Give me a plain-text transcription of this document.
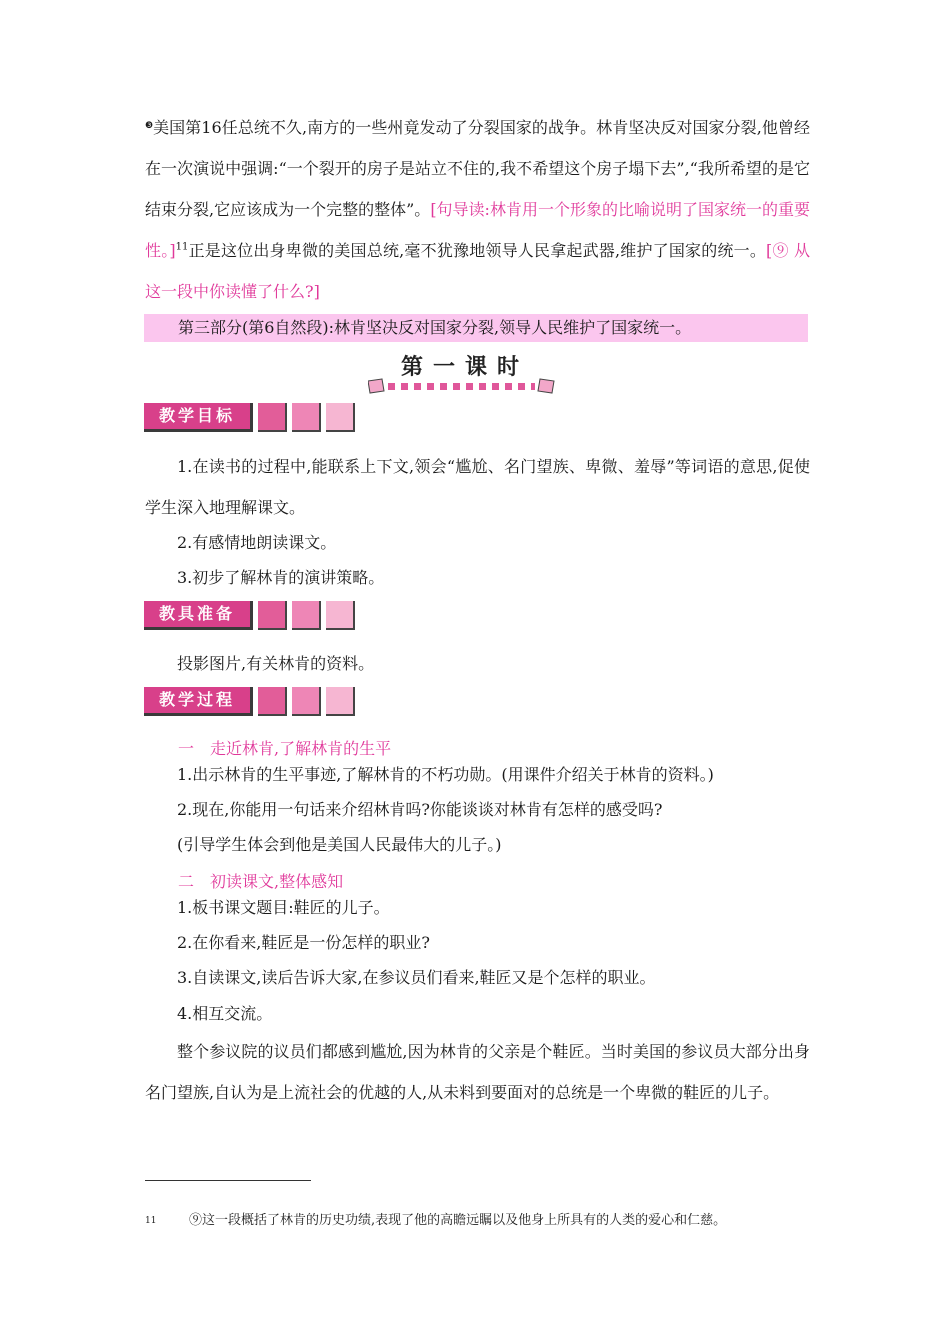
$^❸$美国第16任总统不久,南方的一些州竟发动了分裂国家的战争。林肯坚决反对国家分裂,他曾经在一次演说中强调:“一个裂开的房子是站立不住的,我不希望这个房子塌下去”,“我所希望的是它结束分裂,它应该成为一个完整的整体”。[句导读:林肯用一个形象的比喻说明了国家统一的重要性。]$^{11}$正是这位出身卑微的美国总统,毫不犹豫地领导人民拿起武器,维护了国家的统一。[⑨ 从这一段中你读懂了什么?]

第三部分(第6自然段):林肯坚决反对国家分裂,领导人民维护了国家统一。
第一课时
教学目标

1.在读书的过程中,能联系上下文,领会“尴尬、名门望族、卑微、羞辱”等词语的意思,促使学生深入地理解课文。

2.有感情地朗读课文。

3.初步了解林肯的演讲策略。

教具准备

投影图片,有关林肯的资料。

教学过程
一　走近林肯,了解林肯的生平

1.出示林肯的生平事迹,了解林肯的不朽功勋。(用课件介绍关于林肯的资料。)

2.现在,你能用一句话来介绍林肯吗?你能谈谈对林肯有怎样的感受吗?

(引导学生体会到他是美国人民最伟大的儿子。)

二　初读课文,整体感知

1.板书课文题目:鞋匠的儿子。

2.在你看来,鞋匠是一份怎样的职业?

3.自读课文,读后告诉大家,在参议员们看来,鞋匠又是个怎样的职业。

4.相互交流。

整个参议院的议员们都感到尴尬,因为林肯的父亲是个鞋匠。当时美国的参议员大部分出身名门望族,自认为是上流社会的优越的人,从未料到要面对的总统是一个卑微的鞋匠的儿子。

11	⑨这一段概括了林肯的历史功绩,表现了他的高瞻远瞩以及他身上所具有的人类的爱心和仁慈。
